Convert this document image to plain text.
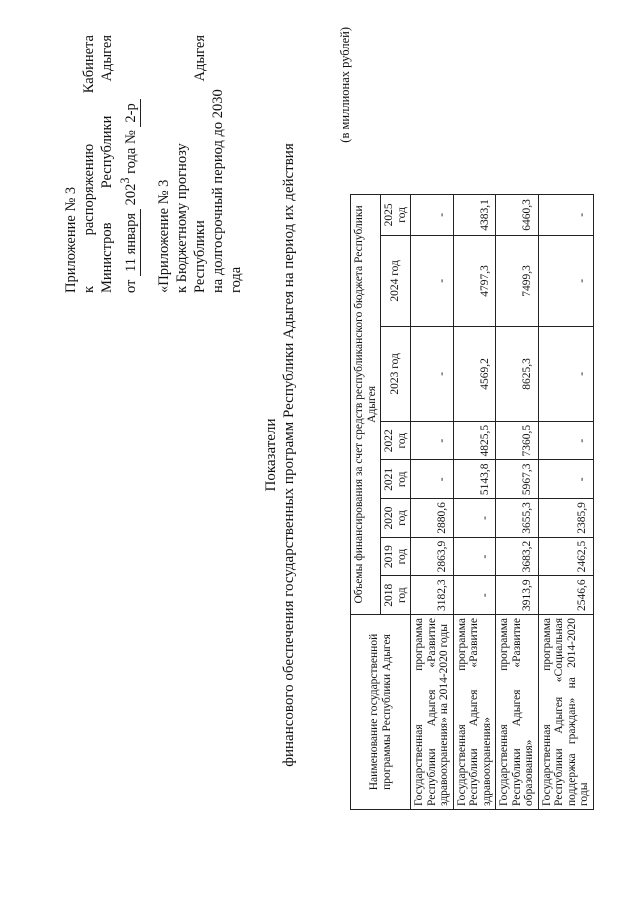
Приложение № 3 к
распоряжению
Кабинета
Министров
Республики
Адыгея
от 11 января $202^3$ года № 2-р
«Приложение № 3 к Бюджетному прогнозу Республики
Адыгея
на долгосрочный период до 2030 года
Показатели финансового обеспечения государственных программ Республики Адыгея на период их действия
(в миллионах рублей)
Наименование государственной программы Республики Адыгея	Объемы финансирования за счет средств республиканского бюджета Республики Адыгея							
	2018 год	2019 год	2020 год	2021 год	2022 год	2023 год	2024 год	2025 год
Государственная программа Республики Адыгея «Развитие здравоохранения» на 2014-2020 годы	3182,3	2863,9	2880,6	-	-	-	-	-
Государственная программа Республики Адыгея «Развитие здравоохранения»	-	-	-	5143,8	4825,5	4569,2	4797,3	4383,1
Государственная программа Республики Адыгея «Развитие образования»	3913,9	3683,2	3655,3	5967,3	7360,5	8625,3	7499,3	6460,3
Государственная программа Республики Адыгея «Социальная поддержка граждан» на 2014-2020 годы	2546,6	2462,5	2385,9	-	-	-	-	-
